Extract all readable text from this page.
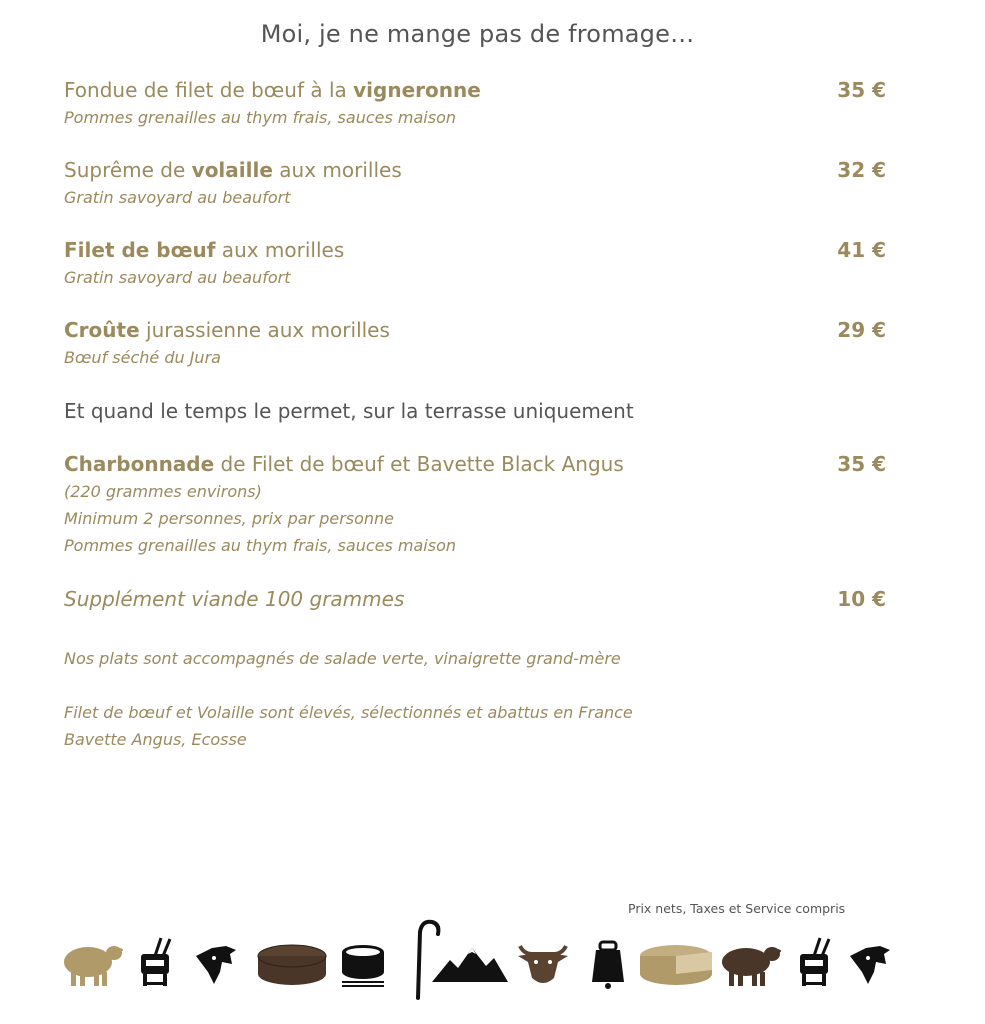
Moi, je ne mange pas de fromage…
Fondue de filet de bœuf à la vigneronne	35 €
Pommes grenailles au thym frais, sauces maison
Suprême de volaille aux morilles	32 €
Gratin savoyard au beaufort
Filet de bœuf aux morilles	41 €
Gratin savoyard au beaufort
Croûte jurassienne aux morilles	29 €
Bœuf séché du Jura
Et quand le temps le permet, sur la terrasse uniquement
Charbonnade de Filet de bœuf et Bavette Black Angus	35 €
(220 grammes environs)
Minimum 2 personnes, prix par personne
Pommes grenailles au thym frais, sauces maison
Supplément viande 100 grammes	10 €
Nos plats sont accompagnés de salade verte, vinaigrette grand-mère
Filet de bœuf et Volaille sont élevés, sélectionnés et abattus en France
Bavette Angus, Ecosse
Prix nets, Taxes et Service compris
